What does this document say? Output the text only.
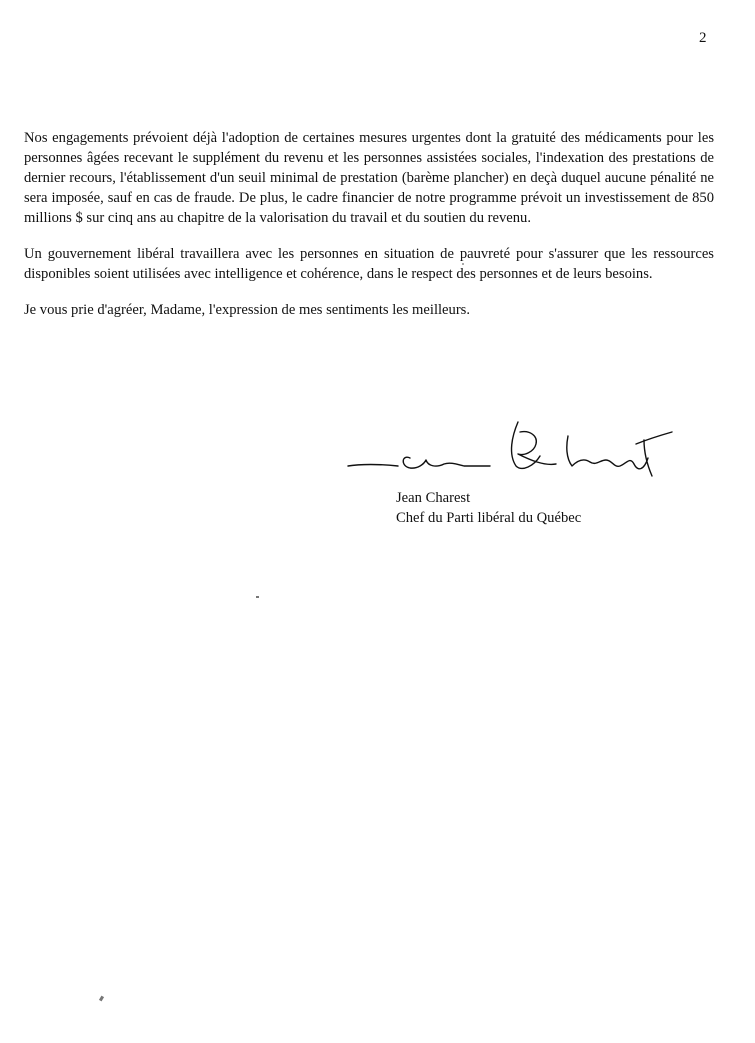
2

Nos engagements prévoient déjà l'adoption de certaines mesures urgentes dont la gratuité des médicaments pour les personnes âgées recevant le supplément du revenu et les personnes assistées sociales, l'indexation des prestations de dernier recours, l'établissement d'un seuil minimal de prestation (barème plancher) en deçà duquel aucune pénalité ne sera imposée, sauf en cas de fraude. De plus, le cadre financier de notre programme prévoit un investissement de 850 millions $ sur cinq ans au chapitre de la valorisation du travail et du soutien du revenu.

Un gouvernement libéral travaillera avec les personnes en situation de pauvreté pour s'assurer que les ressources disponibles soient utilisées avec intelligence et cohérence, dans le respect des personnes et de leurs besoins.

Je vous prie d'agréer, Madame, l'expression de mes sentiments les meilleurs.

Jean Charest
Chef du Parti libéral du Québec
